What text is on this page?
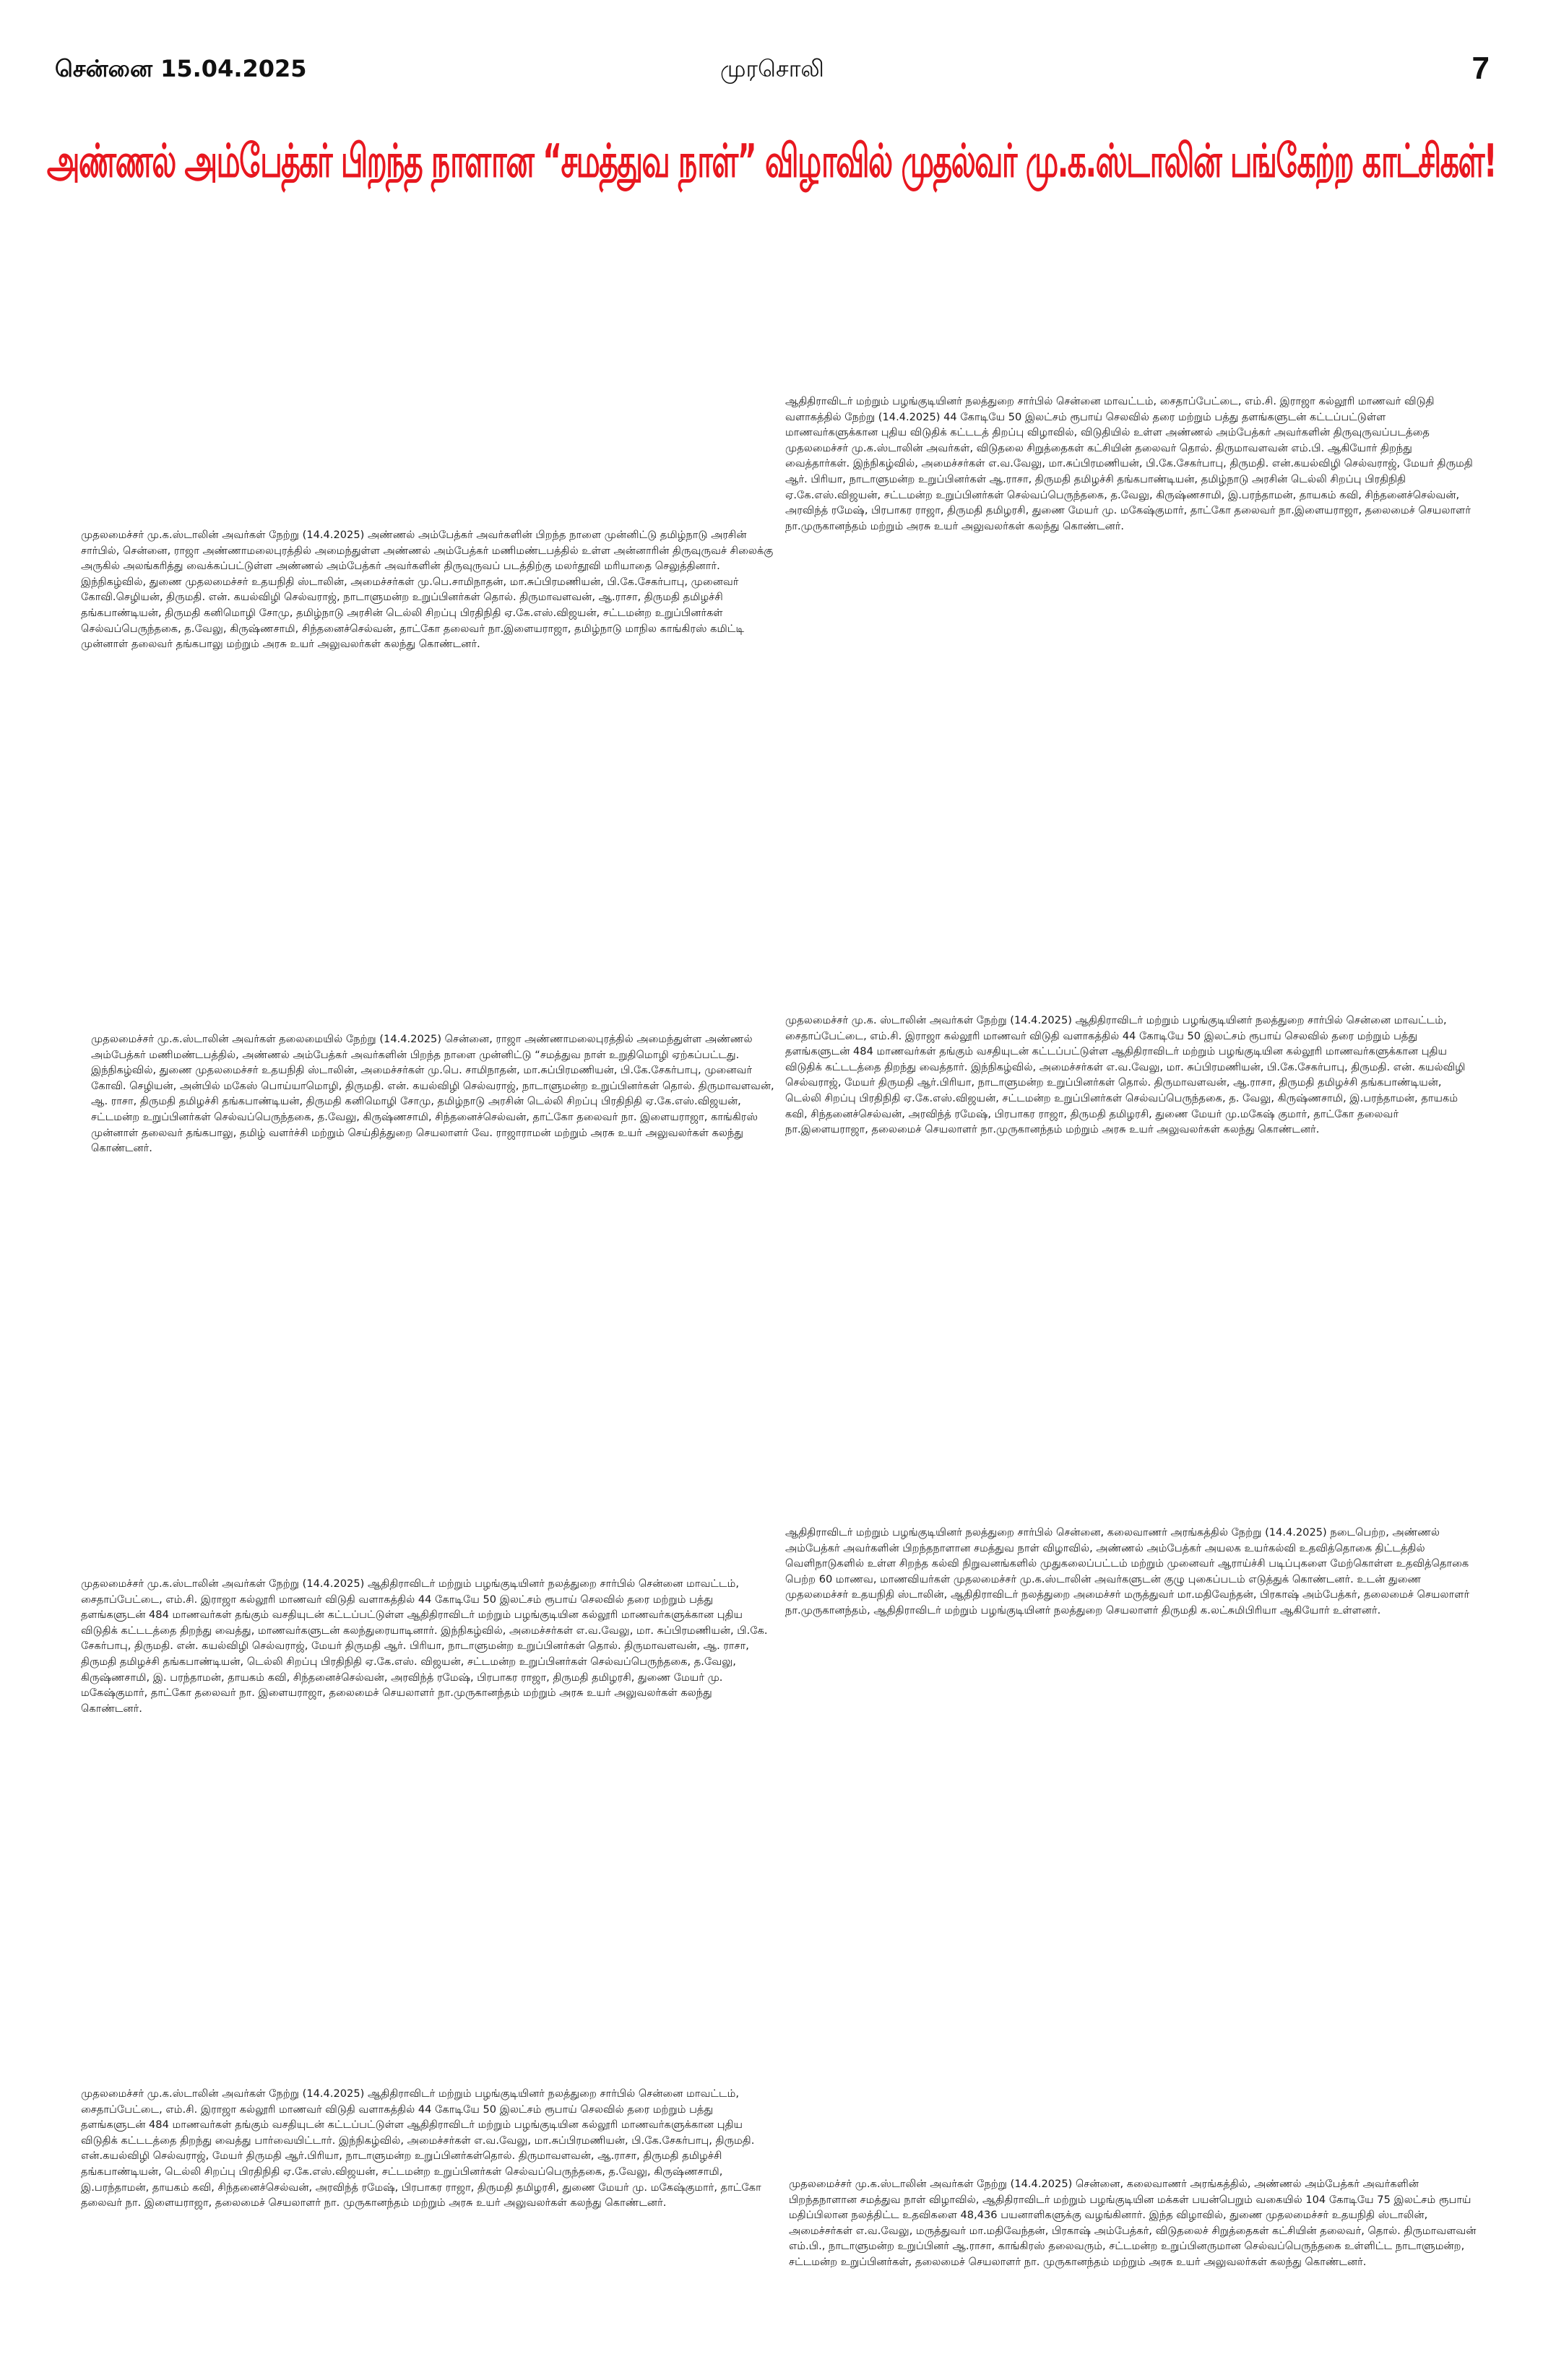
முரசொலி
சென்னை 15.04.2025	7
அண்ணல் அம்பேத்கர் பிறந்த நாளான “சமத்துவ நாள்” விழாவில் முதல்வர் மு.க.ஸ்டாலின் பங்கேற்ற காட்சிகள்!
முதலமைச்சர் மு.க.ஸ்டாலின் அவர்கள் நேற்று (14.4.2025) அண்ணல் அம்பேத்கர் அவர்களின் பிறந்த நாளை முன்னிட்டு தமிழ்நாடு அரசின் சார்பில், சென்னை, ராஜா அண்ணாமலைபுரத்தில் அமைந்துள்ள அண்ணல் அம்பேத்கர் மணிமண்டபத்தில் உள்ள அன்னாரின் திருவுருவச் சிலைக்கு அருகில் அலங்கரித்து வைக்கப்பட்டுள்ள அண்ணல் அம்பேத்கர் அவர்களின் திருவுருவப் படத்திற்கு மலர்தூவி மரியாதை செலுத்தினார். இந்நிகழ்வில், துணை முதலமைச்சர் உதயநிதி ஸ்டாலின், அமைச்சர்கள் மு.பெ.சாமிநாதன், மா.சுப்பிரமணியன், பி.கே.சேகர்பாபு, முனைவர் கோவி.செழியன், திருமதி. என். கயல்விழி செல்வராஜ், நாடாளுமன்ற உறுப்பினர்கள் தொல். திருமாவளவன், ஆ.ராசா, திருமதி தமிழச்சி தங்கபாண்டியன், திருமதி கனிமொழி சோமு, தமிழ்நாடு அரசின் டெல்லி சிறப்பு பிரதிநிதி ஏ.கே.எஸ்.விஜயன், சட்டமன்ற உறுப்பினர்கள் செல்வப்பெருந்தகை, த.வேலு, கிருஷ்ணசாமி, சிந்தனைச்செல்வன், தாட்கோ தலைவர் நா.இளையராஜா, தமிழ்நாடு மாநில காங்கிரஸ் கமிட்டி முன்னாள் தலைவர் தங்கபாலு மற்றும் அரசு உயர் அலுவலர்கள் கலந்து கொண்டனர்.
ஆதிதிராவிடர் மற்றும் பழங்குடியினர் நலத்துறை சார்பில் சென்னை மாவட்டம், சைதாப்பேட்டை, எம்.சி. இராஜா கல்லூரி மாணவர் விடுதி வளாகத்தில் நேற்று (14.4.2025) 44 கோடியே 50 இலட்சம் ரூபாய் செலவில் தரை மற்றும் பத்து தளங்களுடன் கட்டப்பட்டுள்ள மாணவர்களுக்கான புதிய விடுதிக் கட்டடத் திறப்பு விழாவில், விடுதியில் உள்ள அண்ணல் அம்பேத்கர் அவர்களின் திருவுருவப்படத்தை முதலமைச்சர் மு.க.ஸ்டாலின் அவர்கள், விடுதலை சிறுத்தைகள் கட்சியின் தலைவர் தொல். திருமாவளவன் எம்.பி. ஆகியோர் திறந்து வைத்தார்கள். இந்நிகழ்வில், அமைச்சர்கள் எ.வ.வேலு, மா.சுப்பிரமணியன், பி.கே.சேகர்பாபு, திருமதி. என்.கயல்விழி செல்வராஜ், மேயர் திருமதி ஆர். பிரியா, நாடாளுமன்ற உறுப்பினர்கள் ஆ.ராசா, திருமதி தமிழச்சி தங்கபாண்டியன், தமிழ்நாடு அரசின் டெல்லி சிறப்பு பிரதிநிதி ஏ.கே.எஸ்.விஜயன், சட்டமன்ற உறுப்பினர்கள் செல்வப்பெருந்தகை, த.வேலு, கிருஷ்ணசாமி, இ.பரந்தாமன், தாயகம் கவி, சிந்தனைச்செல்வன், அரவிந்த் ரமேஷ், பிரபாகர ராஜா, திருமதி தமிழரசி, துணை மேயர் மு. மகேஷ்குமார், தாட்கோ தலைவர் நா.இளையராஜா, தலைமைச் செயலாளர் நா.முருகானந்தம் மற்றும் அரசு உயர் அலுவலர்கள் கலந்து கொண்டனர்.
முதலமைச்சர் மு.க.ஸ்டாலின் அவர்கள் தலைமையில் நேற்று (14.4.2025) சென்னை, ராஜா அண்ணாமலைபுரத்தில் அமைந்துள்ள அண்ணல் அம்பேத்கர் மணிமண்டபத்தில், அண்ணல் அம்பேத்கர் அவர்களின் பிறந்த நாளை முன்னிட்டு “சமத்துவ நாள் உறுதிமொழி ஏற்கப்பட்டது. இந்நிகழ்வில், துணை முதலமைச்சர் உதயநிதி ஸ்டாலின், அமைச்சர்கள் மு.பெ. சாமிநாதன், மா.சுப்பிரமணியன், பி.கே.சேகர்பாபு, முனைவர் கோவி. செழியன், அன்பில் மகேஸ் பொய்யாமொழி, திருமதி. என். கயல்விழி செல்வராஜ், நாடாளுமன்ற உறுப்பினர்கள் தொல். திருமாவளவன், ஆ. ராசா, திருமதி தமிழச்சி தங்கபாண்டியன், திருமதி கனிமொழி சோமு, தமிழ்நாடு அரசின் டெல்லி சிறப்பு பிரதிநிதி ஏ.கே.எஸ்.விஜயன், சட்டமன்ற உறுப்பினர்கள் செல்வப்பெருந்தகை, த.வேலு, கிருஷ்ணசாமி, சிந்தனைச்செல்வன், தாட்கோ தலைவர் நா. இளையராஜா, காங்கிரஸ் முன்னாள் தலைவர் தங்கபாலு, தமிழ் வளர்ச்சி மற்றும் செய்தித்துறை செயலாளர் வே. ராஜாராமன் மற்றும் அரசு உயர் அலுவலர்கள் கலந்து கொண்டனர்.
முதலமைச்சர் மு.க. ஸ்டாலின் அவர்கள் நேற்று (14.4.2025) ஆதிதிராவிடர் மற்றும் பழங்குடியினர் நலத்துறை சார்பில் சென்னை மாவட்டம், சைதாப்பேட்டை, எம்.சி. இராஜா கல்லூரி மாணவர் விடுதி வளாகத்தில் 44 கோடியே 50 இலட்சம் ரூபாய் செலவில் தரை மற்றும் பத்து தளங்களுடன் 484 மாணவர்கள் தங்கும் வசதியுடன் கட்டப்பட்டுள்ள ஆதிதிராவிடர் மற்றும் பழங்குடியின கல்லூரி மாணவர்களுக்கான புதிய விடுதிக் கட்டடத்தை திறந்து வைத்தார். இந்நிகழ்வில், அமைச்சர்கள் எ.வ.வேலு, மா. சுப்பிரமணியன், பி.கே.சேகர்பாபு, திருமதி. என். கயல்விழி செல்வராஜ், மேயர் திருமதி ஆர்.பிரியா, நாடாளுமன்ற உறுப்பினர்கள் தொல். திருமாவளவன், ஆ.ராசா, திருமதி தமிழச்சி தங்கபாண்டியன், டெல்லி சிறப்பு பிரதிநிதி ஏ.கே.எஸ்.விஜயன், சட்டமன்ற உறுப்பினர்கள் செல்வப்பெருந்தகை, த. வேலு, கிருஷ்ணசாமி, இ.பரந்தாமன், தாயகம் கவி, சிந்தனைச்செல்வன், அரவிந்த் ரமேஷ், பிரபாகர ராஜா, திருமதி தமிழரசி, துணை மேயர் மு.மகேஷ் குமார், தாட்கோ தலைவர் நா.இளையராஜா, தலைமைச் செயலாளர் நா.முருகானந்தம் மற்றும் அரசு உயர் அலுவலர்கள் கலந்து கொண்டனர்.
முதலமைச்சர் மு.க.ஸ்டாலின் அவர்கள் நேற்று (14.4.2025) ஆதிதிராவிடர் மற்றும் பழங்குடியினர் நலத்துறை சார்பில் சென்னை மாவட்டம், சைதாப்பேட்டை, எம்.சி. இராஜா கல்லூரி மாணவர் விடுதி வளாகத்தில் 44 கோடியே 50 இலட்சம் ரூபாய் செலவில் தரை மற்றும் பத்து தளங்களுடன் 484 மாணவர்கள் தங்கும் வசதியுடன் கட்டப்பட்டுள்ள ஆதிதிராவிடர் மற்றும் பழங்குடியின கல்லூரி மாணவர்களுக்கான புதிய விடுதிக் கட்டடத்தை திறந்து வைத்து, மாணவர்களுடன் கலந்துரையாடினார். இந்நிகழ்வில், அமைச்சர்கள் எ.வ.வேலு, மா. சுப்பிரமணியன், பி.கே. சேகர்பாபு, திருமதி. என். கயல்விழி செல்வராஜ், மேயர் திருமதி ஆர். பிரியா, நாடாளுமன்ற உறுப்பினர்கள் தொல். திருமாவளவன், ஆ. ராசா, திருமதி தமிழச்சி தங்கபாண்டியன், டெல்லி சிறப்பு பிரதிநிதி ஏ.கே.எஸ். விஜயன், சட்டமன்ற உறுப்பினர்கள் செல்வப்பெருந்தகை, த.வேலு, கிருஷ்ணசாமி, இ. பரந்தாமன், தாயகம் கவி, சிந்தனைச்செல்வன், அரவிந்த் ரமேஷ், பிரபாகர ராஜா, திருமதி தமிழரசி, துணை மேயர் மு. மகேஷ்குமார், தாட்கோ தலைவர் நா. இளையராஜா, தலைமைச் செயலாளர் நா.முருகானந்தம் மற்றும் அரசு உயர் அலுவலர்கள் கலந்து கொண்டனர்.
ஆதிதிராவிடர் மற்றும் பழங்குடியினர் நலத்துறை சார்பில் சென்னை, கலைவாணர் அரங்கத்தில் நேற்று (14.4.2025) நடைபெற்ற, அண்ணல் அம்பேத்கர் அவர்களின் பிறந்தநாளான சமத்துவ நாள் விழாவில், அண்ணல் அம்பேத்கர் அயலக உயர்கல்வி உதவித்தொகை திட்டத்தில் வெளிநாடுகளில் உள்ள சிறந்த கல்வி நிறுவனங்களில் முதுகலைப்பட்டம் மற்றும் முனைவர் ஆராய்ச்சி படிப்புகளை மேற்கொள்ள உதவித்தொகை பெற்ற 60 மாணவ, மாணவியர்கள் முதலமைச்சர் மு.க.ஸ்டாலின் அவர்களுடன் குழு புகைப்படம் எடுத்துக் கொண்டனர். உடன் துணை முதலமைச்சர் உதயநிதி ஸ்டாலின், ஆதிதிராவிடர் நலத்துறை அமைச்சர் மருத்துவர் மா.மதிவேந்தன், பிரகாஷ் அம்பேத்கர், தலைமைச் செயலாளர் நா.முருகானந்தம், ஆதிதிராவிடர் மற்றும் பழங்குடியினர் நலத்துறை செயலாளர் திருமதி க.லட்சுமிபிரியா ஆகியோர் உள்ளனர்.
முதலமைச்சர் மு.க.ஸ்டாலின் அவர்கள் நேற்று (14.4.2025) ஆதிதிராவிடர் மற்றும் பழங்குடியினர் நலத்துறை சார்பில் சென்னை மாவட்டம், சைதாப்பேட்டை, எம்.சி. இராஜா கல்லூரி மாணவர் விடுதி வளாகத்தில் 44 கோடியே 50 இலட்சம் ரூபாய் செலவில் தரை மற்றும் பத்து தளங்களுடன் 484 மாணவர்கள் தங்கும் வசதியுடன் கட்டப்பட்டுள்ள ஆதிதிராவிடர் மற்றும் பழங்குடியின கல்லூரி மாணவர்களுக்கான புதிய விடுதிக் கட்டடத்தை திறந்து வைத்து பார்வையிட்டார். இந்நிகழ்வில், அமைச்சர்கள் எ.வ.வேலு, மா.சுப்பிரமணியன், பி.கே.சேகர்பாபு, திருமதி. என்.கயல்விழி செல்வராஜ், மேயர் திருமதி ஆர்.பிரியா, நாடாளுமன்ற உறுப்பினர்கள்தொல். திருமாவளவன், ஆ.ராசா, திருமதி தமிழச்சி தங்கபாண்டியன், டெல்லி சிறப்பு பிரதிநிதி ஏ.கே.எஸ்.விஜயன், சட்டமன்ற உறுப்பினர்கள் செல்வப்பெருந்தகை, த.வேலு, கிருஷ்ணசாமி, இ.பரந்தாமன், தாயகம் கவி, சிந்தனைச்செல்வன், அரவிந்த் ரமேஷ், பிரபாகர ராஜா, திருமதி தமிழரசி, துணை மேயர் மு. மகேஷ்குமார், தாட்கோ தலைவர் நா. இளையராஜா, தலைமைச் செயலாளர் நா. முருகானந்தம் மற்றும் அரசு உயர் அலுவலர்கள் கலந்து கொண்டனர்.
முதலமைச்சர் மு.க.ஸ்டாலின் அவர்கள் நேற்று (14.4.2025) சென்னை, கலைவாணர் அரங்கத்தில், அண்ணல் அம்பேத்கர் அவர்களின் பிறந்தநாளான சமத்துவ நாள் விழாவில், ஆதிதிராவிடர் மற்றும் பழங்குடியின மக்கள் பயன்பெறும் வகையில் 104 கோடியே 75 இலட்சம் ரூபாய் மதிப்பிலான நலத்திட்ட உதவிகளை 48,436 பயனாளிகளுக்கு வழங்கினார். இந்த விழாவில், துணை முதலமைச்சர் உதயநிதி ஸ்டாலின், அமைச்சர்கள் எ.வ.வேலு, மருத்துவர் மா.மதிவேந்தன், பிரகாஷ் அம்பேத்கர், விடுதலைச் சிறுத்தைகள் கட்சியின் தலைவர், தொல். திருமாவளவன் எம்.பி., நாடாளுமன்ற உறுப்பினர் ஆ.ராசா, காங்கிரஸ் தலைவரும், சட்டமன்ற உறுப்பினருமான செல்வப்பெருந்தகை உள்ளிட்ட நாடாளுமன்ற, சட்டமன்ற உறுப்பினர்கள், தலைமைச் செயலாளர் நா. முருகானந்தம் மற்றும் அரசு உயர் அலுவலர்கள் கலந்து கொண்டனர்.
